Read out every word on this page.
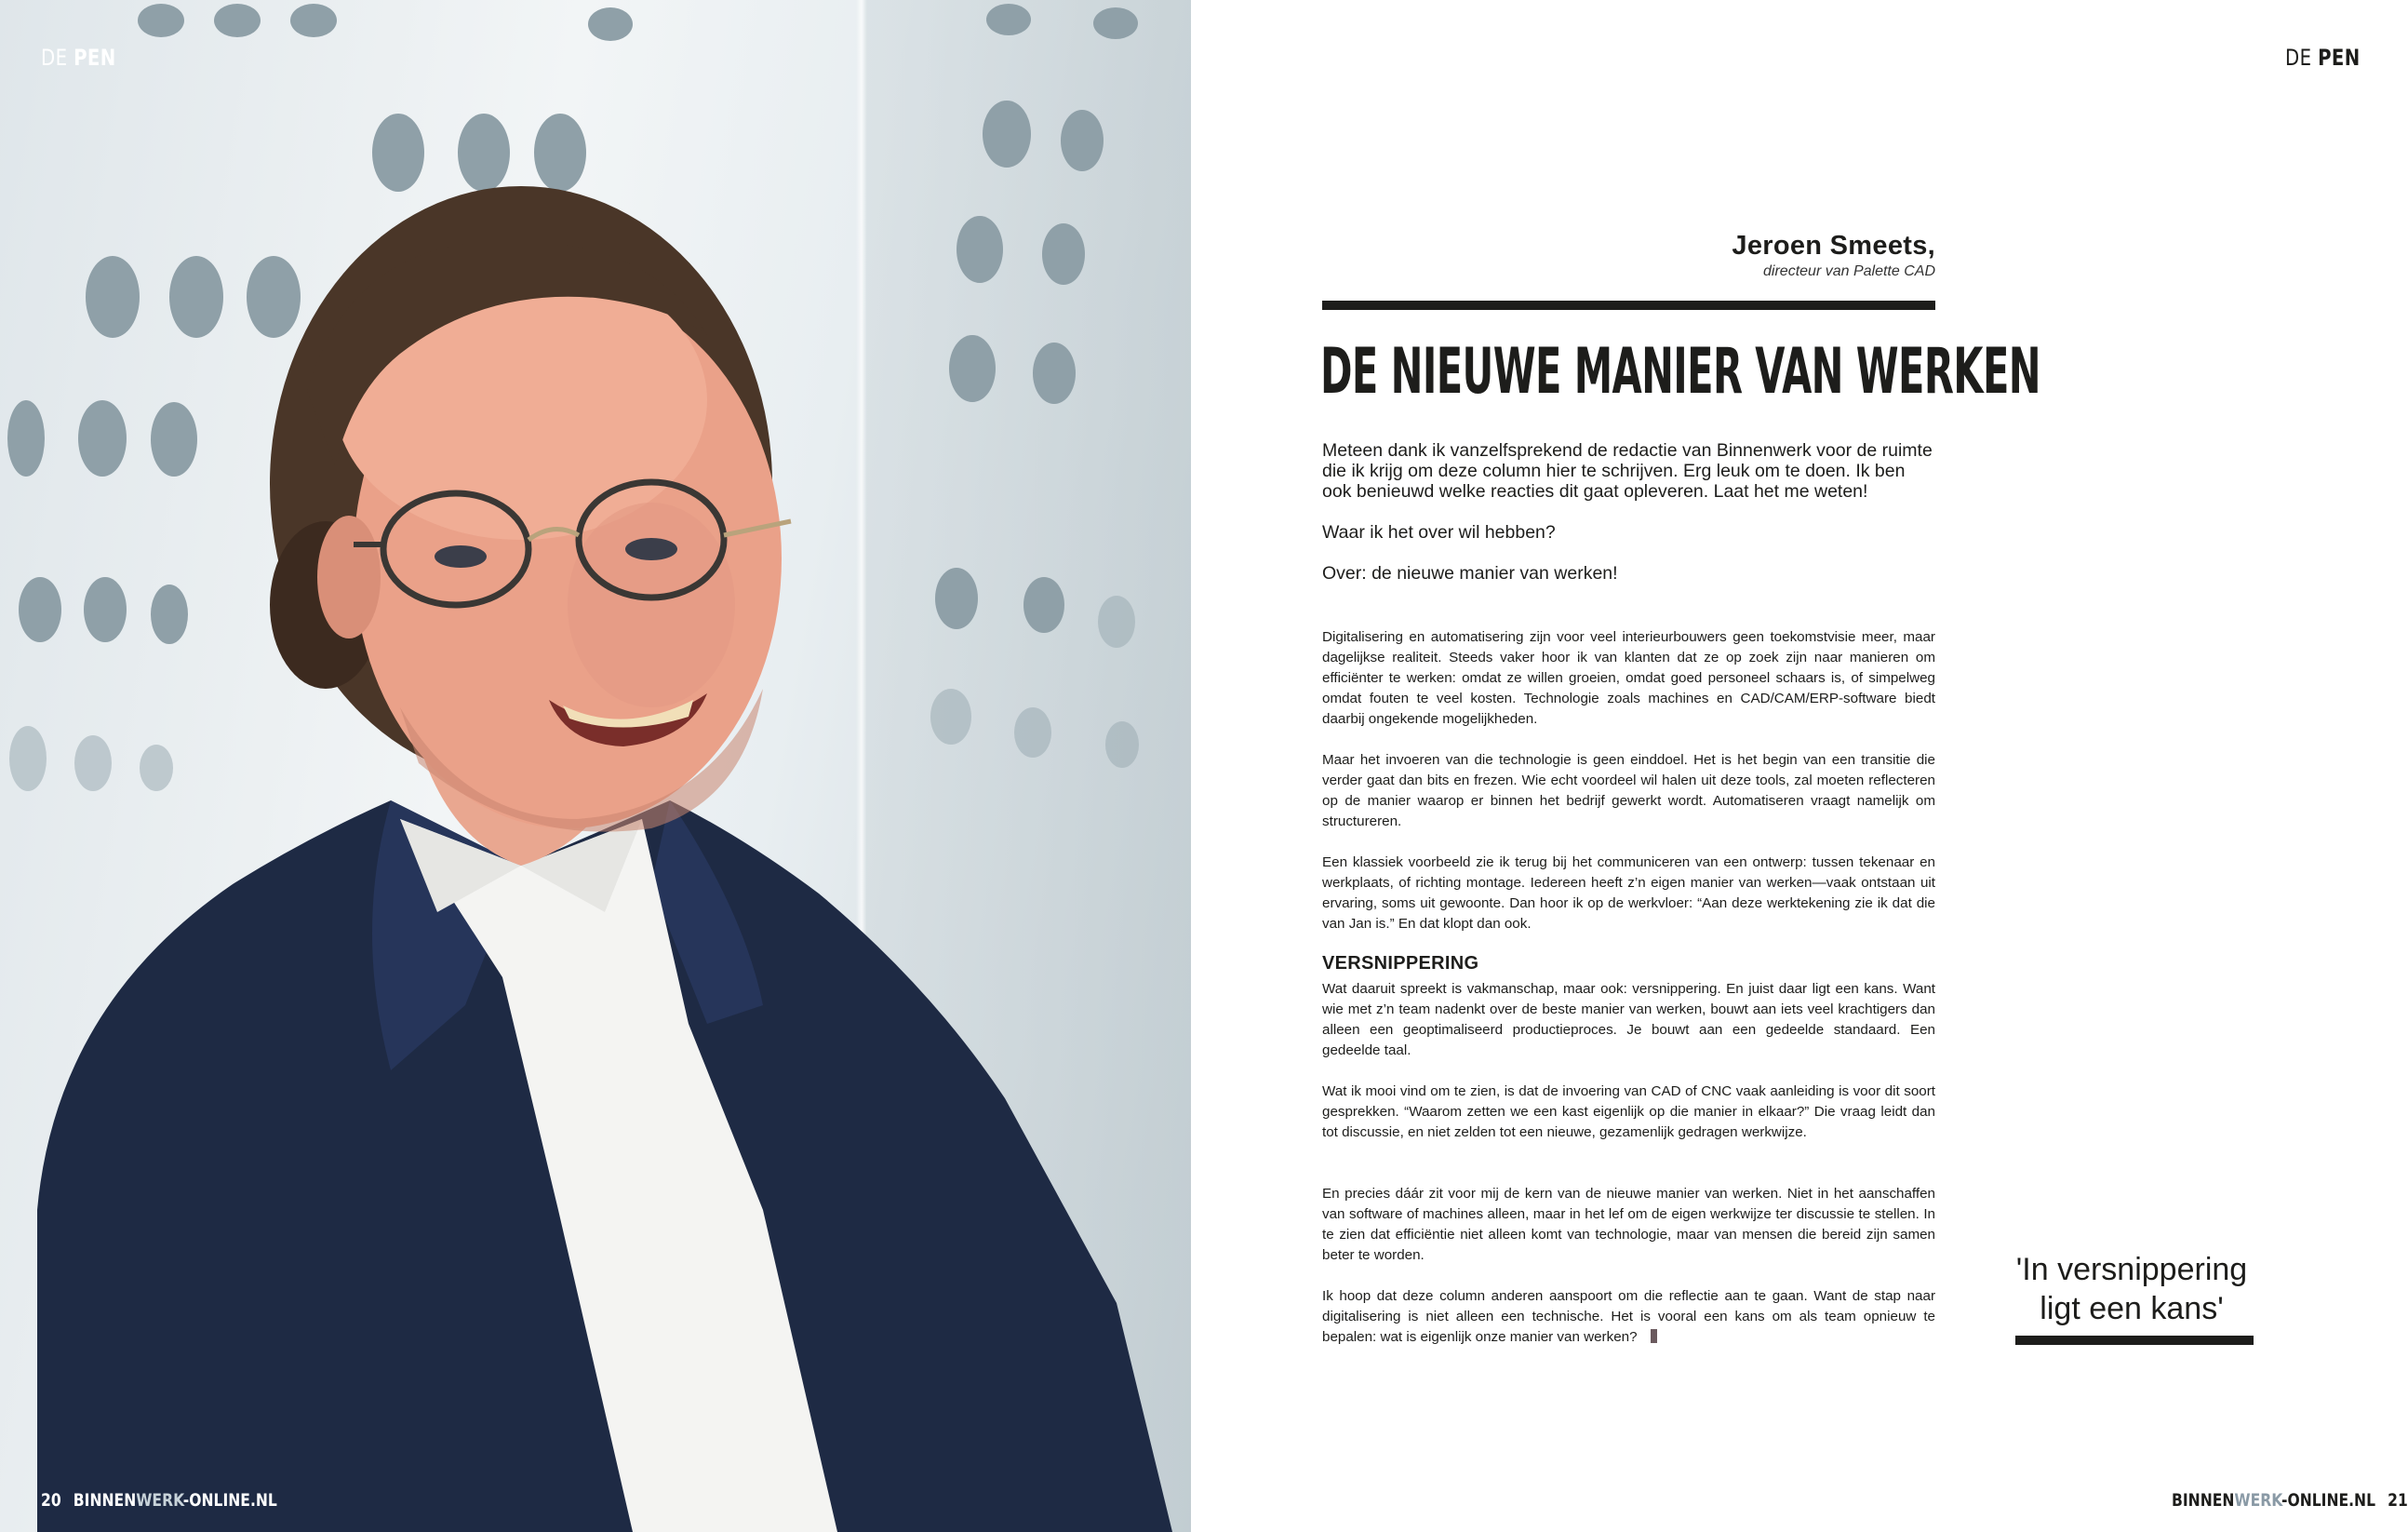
DE PEN
20 BINNENWERK-ONLINE.NL
DE PEN
Jeroen Smeets,
directeur van Palette CAD
DE NIEUWE MANIER VAN WERKEN

Meteen dank ik vanzelfsprekend de redactie van Binnenwerk voor de ruimte die ik krijg om deze column hier te schrijven. Erg leuk om te doen. Ik ben ook benieuwd welke reacties dit gaat opleveren. Laat het me weten!

Waar ik het over wil hebben?

Over: de nieuwe manier van werken!

Digitalisering en automatisering zijn voor veel interieurbouwers geen toekomstvisie meer, maar dagelijkse realiteit. Steeds vaker hoor ik van klanten dat ze op zoek zijn naar manieren om efficiënter te werken: omdat ze willen groeien, omdat goed personeel schaars is, of simpelweg omdat fouten te veel kosten. Technologie zoals machines en CAD/CAM/ERP-software biedt daarbij ongekende mogelijkheden.

Maar het invoeren van die technologie is geen einddoel. Het is het begin van een transitie die verder gaat dan bits en frezen. Wie echt voordeel wil halen uit deze tools, zal moeten reflecteren op de manier waarop er binnen het bedrijf gewerkt wordt. Automatiseren vraagt namelijk om structureren.

Een klassiek voorbeeld zie ik terug bij het communiceren van een ontwerp: tussen tekenaar en werkplaats, of richting montage. Iedereen heeft z’n eigen manier van werken—vaak ontstaan uit ervaring, soms uit gewoonte. Dan hoor ik op de werkvloer: “Aan deze werktekening zie ik dat die van Jan is.” En dat klopt dan ook.

VERSNIPPERING

Wat daaruit spreekt is vakmanschap, maar ook: versnippering. En juist daar ligt een kans. Want wie met z’n team nadenkt over de beste manier van werken, bouwt aan iets veel krachtigers dan alleen een geoptimaliseerd productieproces. Je bouwt aan een gedeelde standaard. Een gedeelde taal.

Wat ik mooi vind om te zien, is dat de invoering van CAD of CNC vaak aanleiding is voor dit soort gesprekken. “Waarom zetten we een kast eigenlijk op die manier in elkaar?” Die vraag leidt dan tot discussie, en niet zelden tot een nieuwe, gezamenlijk gedragen werkwijze.

En precies dáár zit voor mij de kern van de nieuwe manier van werken. Niet in het aanschaffen van software of machines alleen, maar in het lef om de eigen werkwijze ter discussie te stellen. In te zien dat efficiëntie niet alleen komt van technologie, maar van mensen die bereid zijn samen beter te worden.

Ik hoop dat deze column anderen aanspoort om die reflectie aan te gaan. Want de stap naar digitalisering is niet alleen een technische. Het is vooral een kans om als team opnieuw te bepalen: wat is eigenlijk onze manier van werken?

'In versnippering ligt een kans'
BINNENWERK-ONLINE.NL 21
